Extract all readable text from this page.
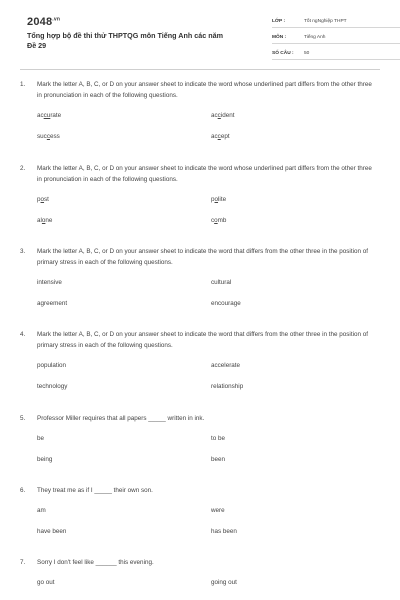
$2048^{.vn}$
Tổng hợp bộ đề thi thử THPTQG môn Tiếng Anh các năm
Đề 29
LỚP :	Tốt ngNghiệp THPT
MÔN :	Tiếng Anh
SỐ CÂU :	50
1.	Mark the letter A, B, C, or D on your answer sheet to indicate the word whose underlined part differs from the other three in pronunciation in each of the following questions.
accurate	accident
success	accept
2.	Mark the letter A, B, C, or D on your answer sheet to indicate the word whose underlined part differs from the other three in pronunciation in each of the following questions.
post	polite
alone	comb
3.	Mark the letter A, B, C, or D on your answer sheet to indicate the word that differs from the other three in the position of primary stress in each of the following questions.
intensive	cultural
agreement	encourage
4.	Mark the letter A, B, C, or D on your answer sheet to indicate the word that differs from the other three in the position of primary stress in each of the following questions.
population	accelerate
technology	relationship
5.	Professor Miller requires that all papers _____ written in ink.
be	to be
being	been
6.	They treat me as if I _____ their own son.
am	were
have been	has been
7.	Sorry I don't feel like ______ this evening.
go out	going out
